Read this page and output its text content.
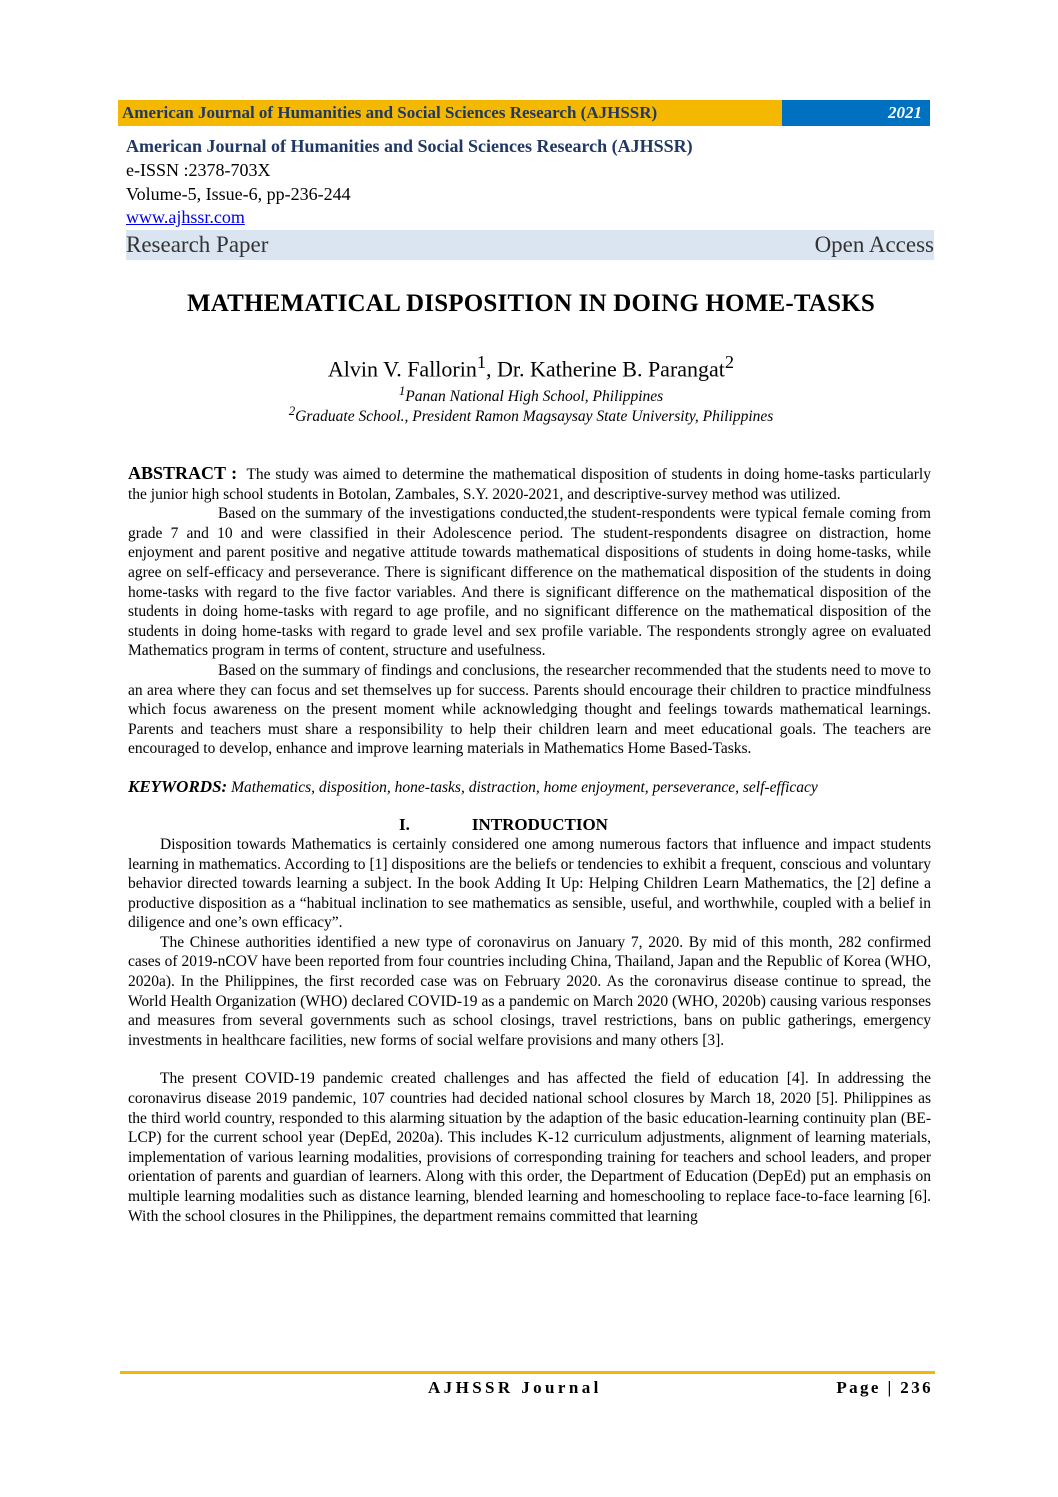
American Journal of Humanities and Social Sciences Research (AJHSSR)	2021
American Journal of Humanities and Social Sciences Research (AJHSSR)
e-ISSN :2378-703X
Volume-5, Issue-6, pp-236-244
www.ajhssr.com
Research Paper	Open Access
MATHEMATICAL DISPOSITION IN DOING HOME-TASKS
Alvin V. Fallorin$^1$, Dr. Katherine B. Parangat$^2$
$^1$Panan National High School, Philippines
$^2$Graduate School., President Ramon Magsaysay State University, Philippines

ABSTRACT : The study was aimed to determine the mathematical disposition of students in doing home-tasks particularly the junior high school students in Botolan, Zambales, S.Y. 2020-2021, and descriptive-survey method was utilized.

Based on the summary of the investigations conducted,the student-respondents were typical female coming from grade 7 and 10 and were classified in their Adolescence period. The student-respondents disagree on distraction, home enjoyment and parent positive and negative attitude towards mathematical dispositions of students in doing home-tasks, while agree on self-efficacy and perseverance. There is significant difference on the mathematical disposition of the students in doing home-tasks with regard to the five factor variables. And there is significant difference on the mathematical disposition of the students in doing home-tasks with regard to age profile, and no significant difference on the mathematical disposition of the students in doing home-tasks with regard to grade level and sex profile variable. The respondents strongly agree on evaluated Mathematics program in terms of content, structure and usefulness.

Based on the summary of findings and conclusions, the researcher recommended that the students need to move to an area where they can focus and set themselves up for success. Parents should encourage their children to practice mindfulness which focus awareness on the present moment while acknowledging thought and feelings towards mathematical learnings. Parents and teachers must share a responsibility to help their children learn and meet educational goals. The teachers are encouraged to develop, enhance and improve learning materials in Mathematics Home Based-Tasks.

KEYWORDS: Mathematics, disposition, hone-tasks, distraction, home enjoyment, perseverance, self-efficacy
I.	INTRODUCTION

Disposition towards Mathematics is certainly considered one among numerous factors that influence and impact students learning in mathematics. According to [1] dispositions are the beliefs or tendencies to exhibit a frequent, conscious and voluntary behavior directed towards learning a subject. In the book Adding It Up: Helping Children Learn Mathematics, the [2] define a productive disposition as a “habitual inclination to see mathematics as sensible, useful, and worthwhile, coupled with a belief in diligence and one’s own efficacy”.

The Chinese authorities identified a new type of coronavirus on January 7, 2020. By mid of this month, 282 confirmed cases of 2019-nCOV have been reported from four countries including China, Thailand, Japan and the Republic of Korea (WHO, 2020a). In the Philippines, the first recorded case was on February 2020. As the coronavirus disease continue to spread, the World Health Organization (WHO) declared COVID-19 as a pandemic on March 2020 (WHO, 2020b) causing various responses and measures from several governments such as school closings, travel restrictions, bans on public gatherings, emergency investments in healthcare facilities, new forms of social welfare provisions and many others [3].

The present COVID-19 pandemic created challenges and has affected the field of education [4]. In addressing the coronavirus disease 2019 pandemic, 107 countries had decided national school closures by March 18, 2020 [5]. Philippines as the third world country, responded to this alarming situation by the adaption of the basic education-learning continuity plan (BE-LCP) for the current school year (DepEd, 2020a). This includes K-12 curriculum adjustments, alignment of learning materials, implementation of various learning modalities, provisions of corresponding training for teachers and school leaders, and proper orientation of parents and guardian of learners. Along with this order, the Department of Education (DepEd) put an emphasis on multiple learning modalities such as distance learning, blended learning and homeschooling to replace face-to-face learning [6]. With the school closures in the Philippines, the department remains committed that learning

AJHSSR Journal	Page | 236
